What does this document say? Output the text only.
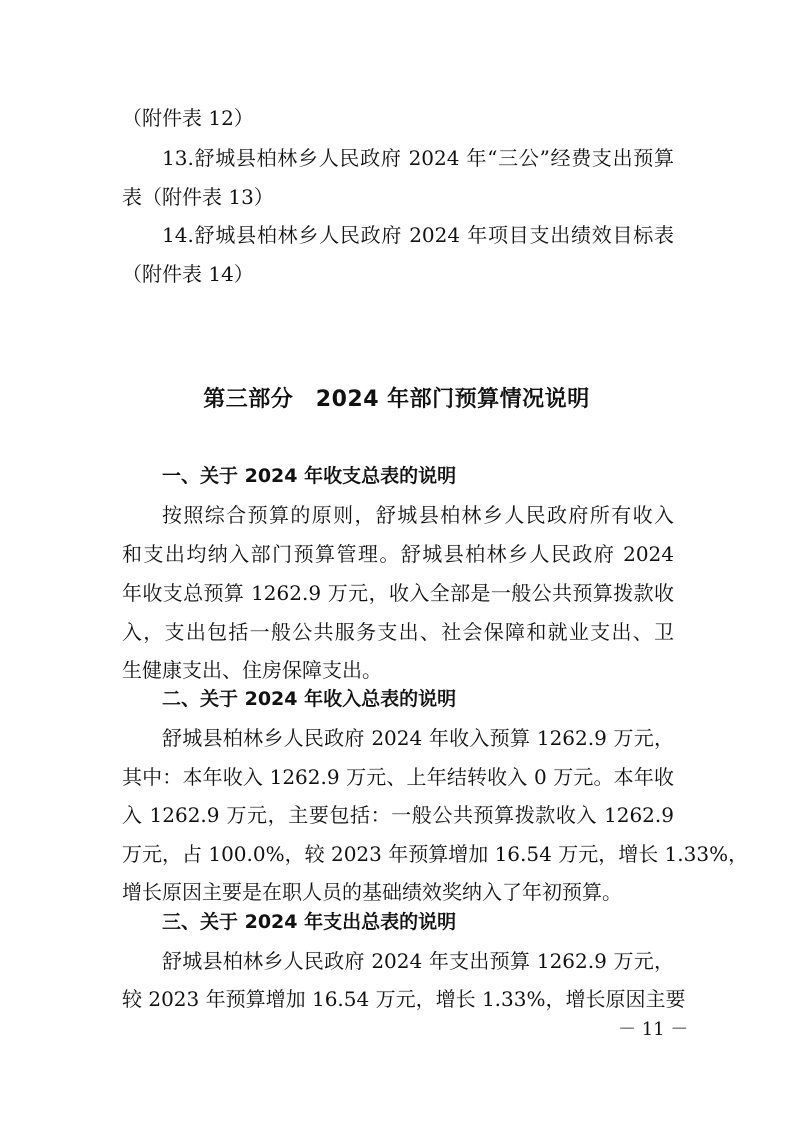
（附件表 12）
13.舒城县柏林乡人民政府 2024 年“三公”经费支出预算
表（附件表 13）
14.舒城县柏林乡人民政府 2024 年项目支出绩效目标表
（附件表 14）
第三部分　2024 年部门预算情况说明
一、关于 2024 年收支总表的说明
按照综合预算的原则，舒城县柏林乡人民政府所有收入
和支出均纳入部门预算管理。舒城县柏林乡人民政府 2024
年收支总预算 1262.9 万元，收入全部是一般公共预算拨款收
入，支出包括一般公共服务支出、社会保障和就业支出、卫
生健康支出、住房保障支出。
二、关于 2024 年收入总表的说明
舒城县柏林乡人民政府 2024 年收入预算 1262.9 万元，
其中：本年收入 1262.9 万元、上年结转收入 0 万元。本年收
入 1262.9 万元，主要包括：一般公共预算拨款收入 1262.9
万元，占 100.0%，较 2023 年预算增加 16.54 万元，增长 1.33%，
增长原因主要是在职人员的基础绩效奖纳入了年初预算。
三、关于 2024 年支出总表的说明
舒城县柏林乡人民政府 2024 年支出预算 1262.9 万元，
较 2023 年预算增加 16.54 万元，增长 1.33%，增长原因主要
－ 11 －
